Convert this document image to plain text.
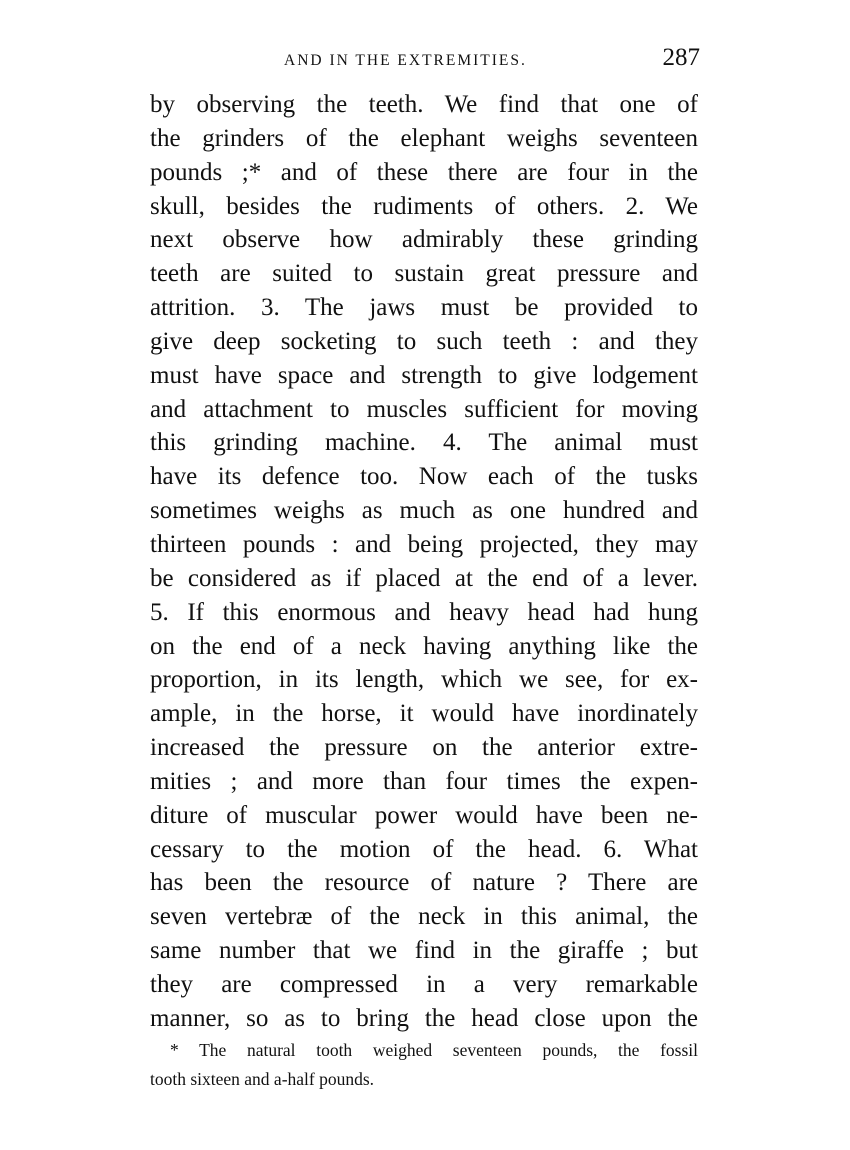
AND IN THE EXTREMITIES.	287
by observing the teeth. We find that one of
the grinders of the elephant weighs seventeen
pounds ;* and of these there are four in the
skull, besides the rudiments of others. 2. We
next observe how admirably these grinding
teeth are suited to sustain great pressure and
attrition. 3. The jaws must be provided to
give deep socketing to such teeth : and they
must have space and strength to give lodgement
and attachment to muscles sufficient for moving
this grinding machine. 4. The animal must
have its defence too. Now each of the tusks
sometimes weighs as much as one hundred and
thirteen pounds : and being projected, they may
be considered as if placed at the end of a lever.
5. If this enormous and heavy head had hung
on the end of a neck having anything like the
proportion, in its length, which we see, for ex-
ample, in the horse, it would have inordinately
increased the pressure on the anterior extre-
mities ; and more than four times the expen-
diture of muscular power would have been ne-
cessary to the motion of the head. 6. What
has been the resource of nature ? There are
seven vertebræ of the neck in this animal, the
same number that we find in the giraffe ; but
they are compressed in a very remarkable
manner, so as to bring the head close upon the
* The natural tooth weighed seventeen pounds, the fossil
tooth sixteen and a-half pounds.
